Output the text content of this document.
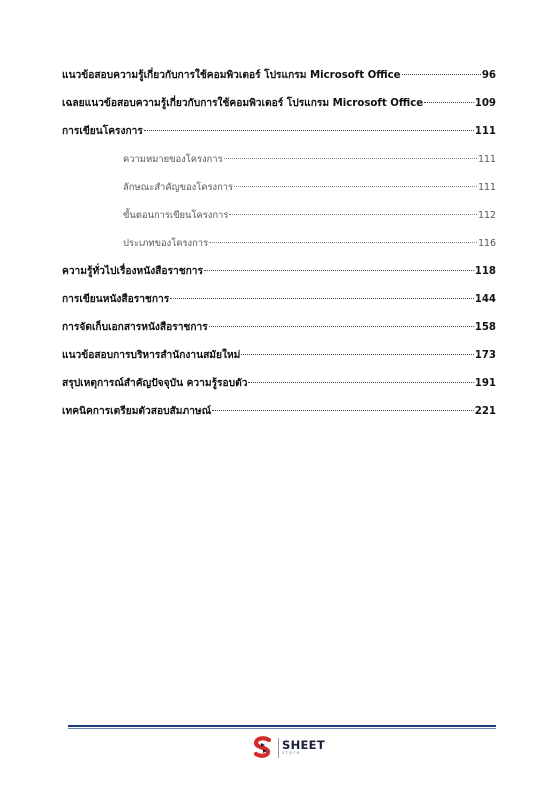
แนวข้อสอบความรู้เกี่ยวกับการใช้คอมพิวเตอร์ โปรแกรม Microsoft Office	96
เฉลยแนวข้อสอบความรู้เกี่ยวกับการใช้คอมพิวเตอร์ โปรแกรม Microsoft Office	109
การเขียนโครงการ	111
ความหมายของโครงการ	111
ลักษณะสำคัญของโครงการ	111
ขั้นตอนการเขียนโครงการ	112
ประเภทของโครงการ	116
ความรู้ทั่วไปเรื่องหนังสือราชการ	118
การเขียนหนังสือราชการ	144
การจัดเก็บเอกสารหนังสือราชการ	158
แนวข้อสอบการบริหารสำนักงานสมัยใหม่	173
สรุปเหตุการณ์สำคัญปัจจุบัน ความรู้รอบตัว	191
เทคนิคการเตรียมตัวสอบสัมภาษณ์	221
SHEET
store
